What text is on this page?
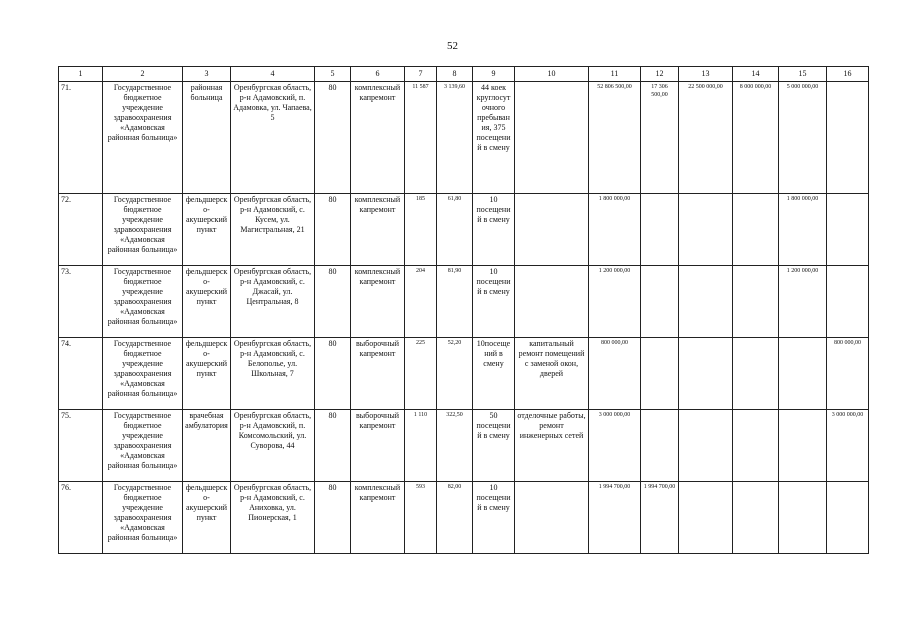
52
1	2	3	4	5	6	7	8	9	10	11	12	13	14	15	16
71.	Государственное бюджетное учреждение здравоохранения «Адамовская районная больница»	районная больница	Оренбургская область, р-н Адамовский, п. Адамовка, ул. Чапаева, 5	80	комплексный капремонт	11 587	3 139,60	44 коек круглосуточного пребывания, 375 посещений в смену		52 806 500,00	17 306 500,00	22 500 000,00	8 000 000,00	5 000 000,00	
72.	Государственное бюджетное учреждение здравоохранения «Адамовская районная больница»	фельдшерско-акушерский пункт	Оренбургская область, р-н Адамовский, с. Кусем, ул. Магистральная, 21	80	комплексный капремонт	185	61,80	10 посещений в смену		1 800 000,00				1 800 000,00	
73.	Государственное бюджетное учреждение здравоохранения «Адамовская районная больница»	фельдшерско-акушерский пункт	Оренбургская область, р-н Адамовский, с. Джасай, ул. Центральная, 8	80	комплексный капремонт	204	81,90	10 посещений в смену		1 200 000,00				1 200 000,00	
74.	Государственное бюджетное учреждение здравоохранения «Адамовская районная больница»	фельдшерско-акушерский пункт	Оренбургская область, р-н Адамовский, с. Белополье, ул. Школьная, 7	80	выборочный капремонт	225	52,20	10посещений в смену	капитальный ремонт помещений с заменой окон, дверей	800 000,00					800 000,00
75.	Государственное бюджетное учреждение здравоохранения «Адамовская районная больница»	врачебная амбулатория	Оренбургская область, р-н Адамовский, п. Комсомольский, ул. Суворова, 44	80	выборочный капремонт	1 110	322,50	50 посещений в смену	отделочные работы, ремонт инженерных сетей	3 000 000,00					3 000 000,00
76.	Государственное бюджетное учреждение здравоохранения «Адамовская районная больница»	фельдшерско-акушерский пункт	Оренбургская область, р-н Адамовский, с. Аниховка, ул. Пионерская, 1	80	комплексный капремонт	593	82,00	10 посещений в смену		1 994 700,00	1 994 700,00				
